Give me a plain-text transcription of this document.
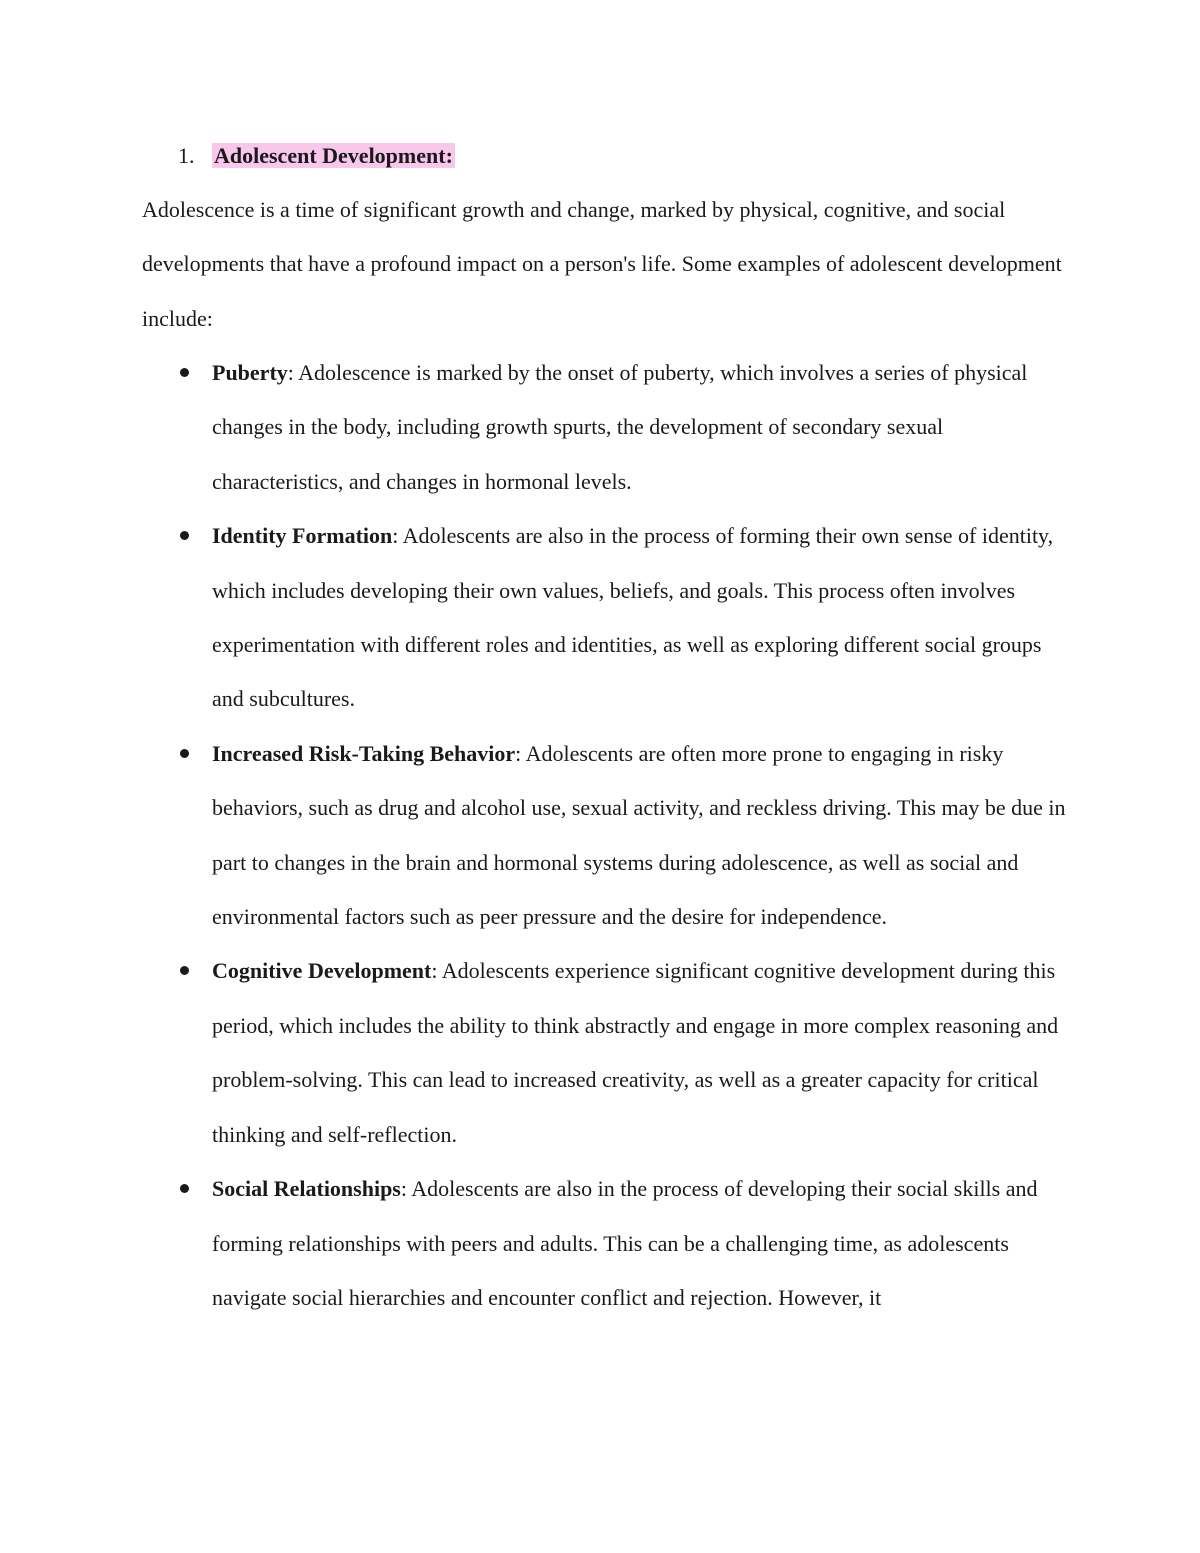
1. Adolescent Development:

Adolescence is a time of significant growth and change, marked by physical, cognitive, and social developments that have a profound impact on a person's life. Some examples of adolescent development include:

Puberty: Adolescence is marked by the onset of puberty, which involves a series of physical changes in the body, including growth spurts, the development of secondary sexual characteristics, and changes in hormonal levels.
Identity Formation: Adolescents are also in the process of forming their own sense of identity, which includes developing their own values, beliefs, and goals. This process often involves experimentation with different roles and identities, as well as exploring different social groups and subcultures.
Increased Risk-Taking Behavior: Adolescents are often more prone to engaging in risky behaviors, such as drug and alcohol use, sexual activity, and reckless driving. This may be due in part to changes in the brain and hormonal systems during adolescence, as well as social and environmental factors such as peer pressure and the desire for independence.
Cognitive Development: Adolescents experience significant cognitive development during this period, which includes the ability to think abstractly and engage in more complex reasoning and problem-solving. This can lead to increased creativity, as well as a greater capacity for critical thinking and self-reflection.
Social Relationships: Adolescents are also in the process of developing their social skills and forming relationships with peers and adults. This can be a challenging time, as adolescents navigate social hierarchies and encounter conflict and rejection. However, it
